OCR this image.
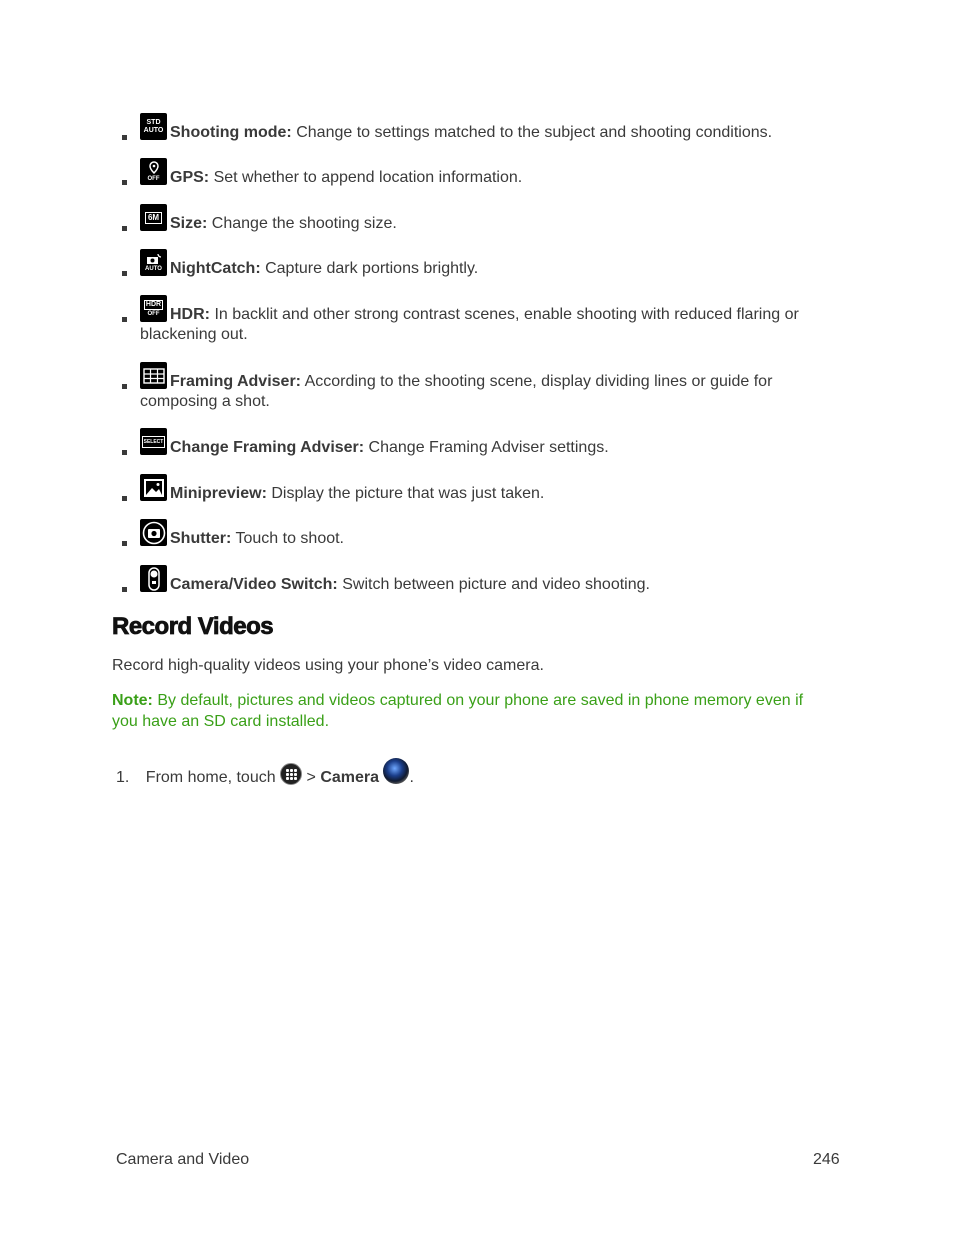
STD
AUTO Shooting mode: Change to settings matched to the subject and shooting conditions.
OFF GPS: Set whether to append location information.
6M Size: Change the shooting size.
AUTO NightCatch: Capture dark portions brightly.
HDR
OFF HDR: In backlit and other strong contrast scenes, enable shooting with reduced flaring or
blackening out.
Framing Adviser: According to the shooting scene, display dividing lines or guide for
composing a shot.
SELECT Change Framing Adviser: Change Framing Adviser settings.
Minipreview: Display the picture that was just taken.
Shutter: Touch to shoot.
Camera/Video Switch: Switch between picture and video shooting.
Record Videos
Record high-quality videos using your phone’s video camera.
Note: By default, pictures and videos captured on your phone are saved in phone memory even if
you have an SD card installed.
1. From home, touch
> Camera .
Camera and Video	246
